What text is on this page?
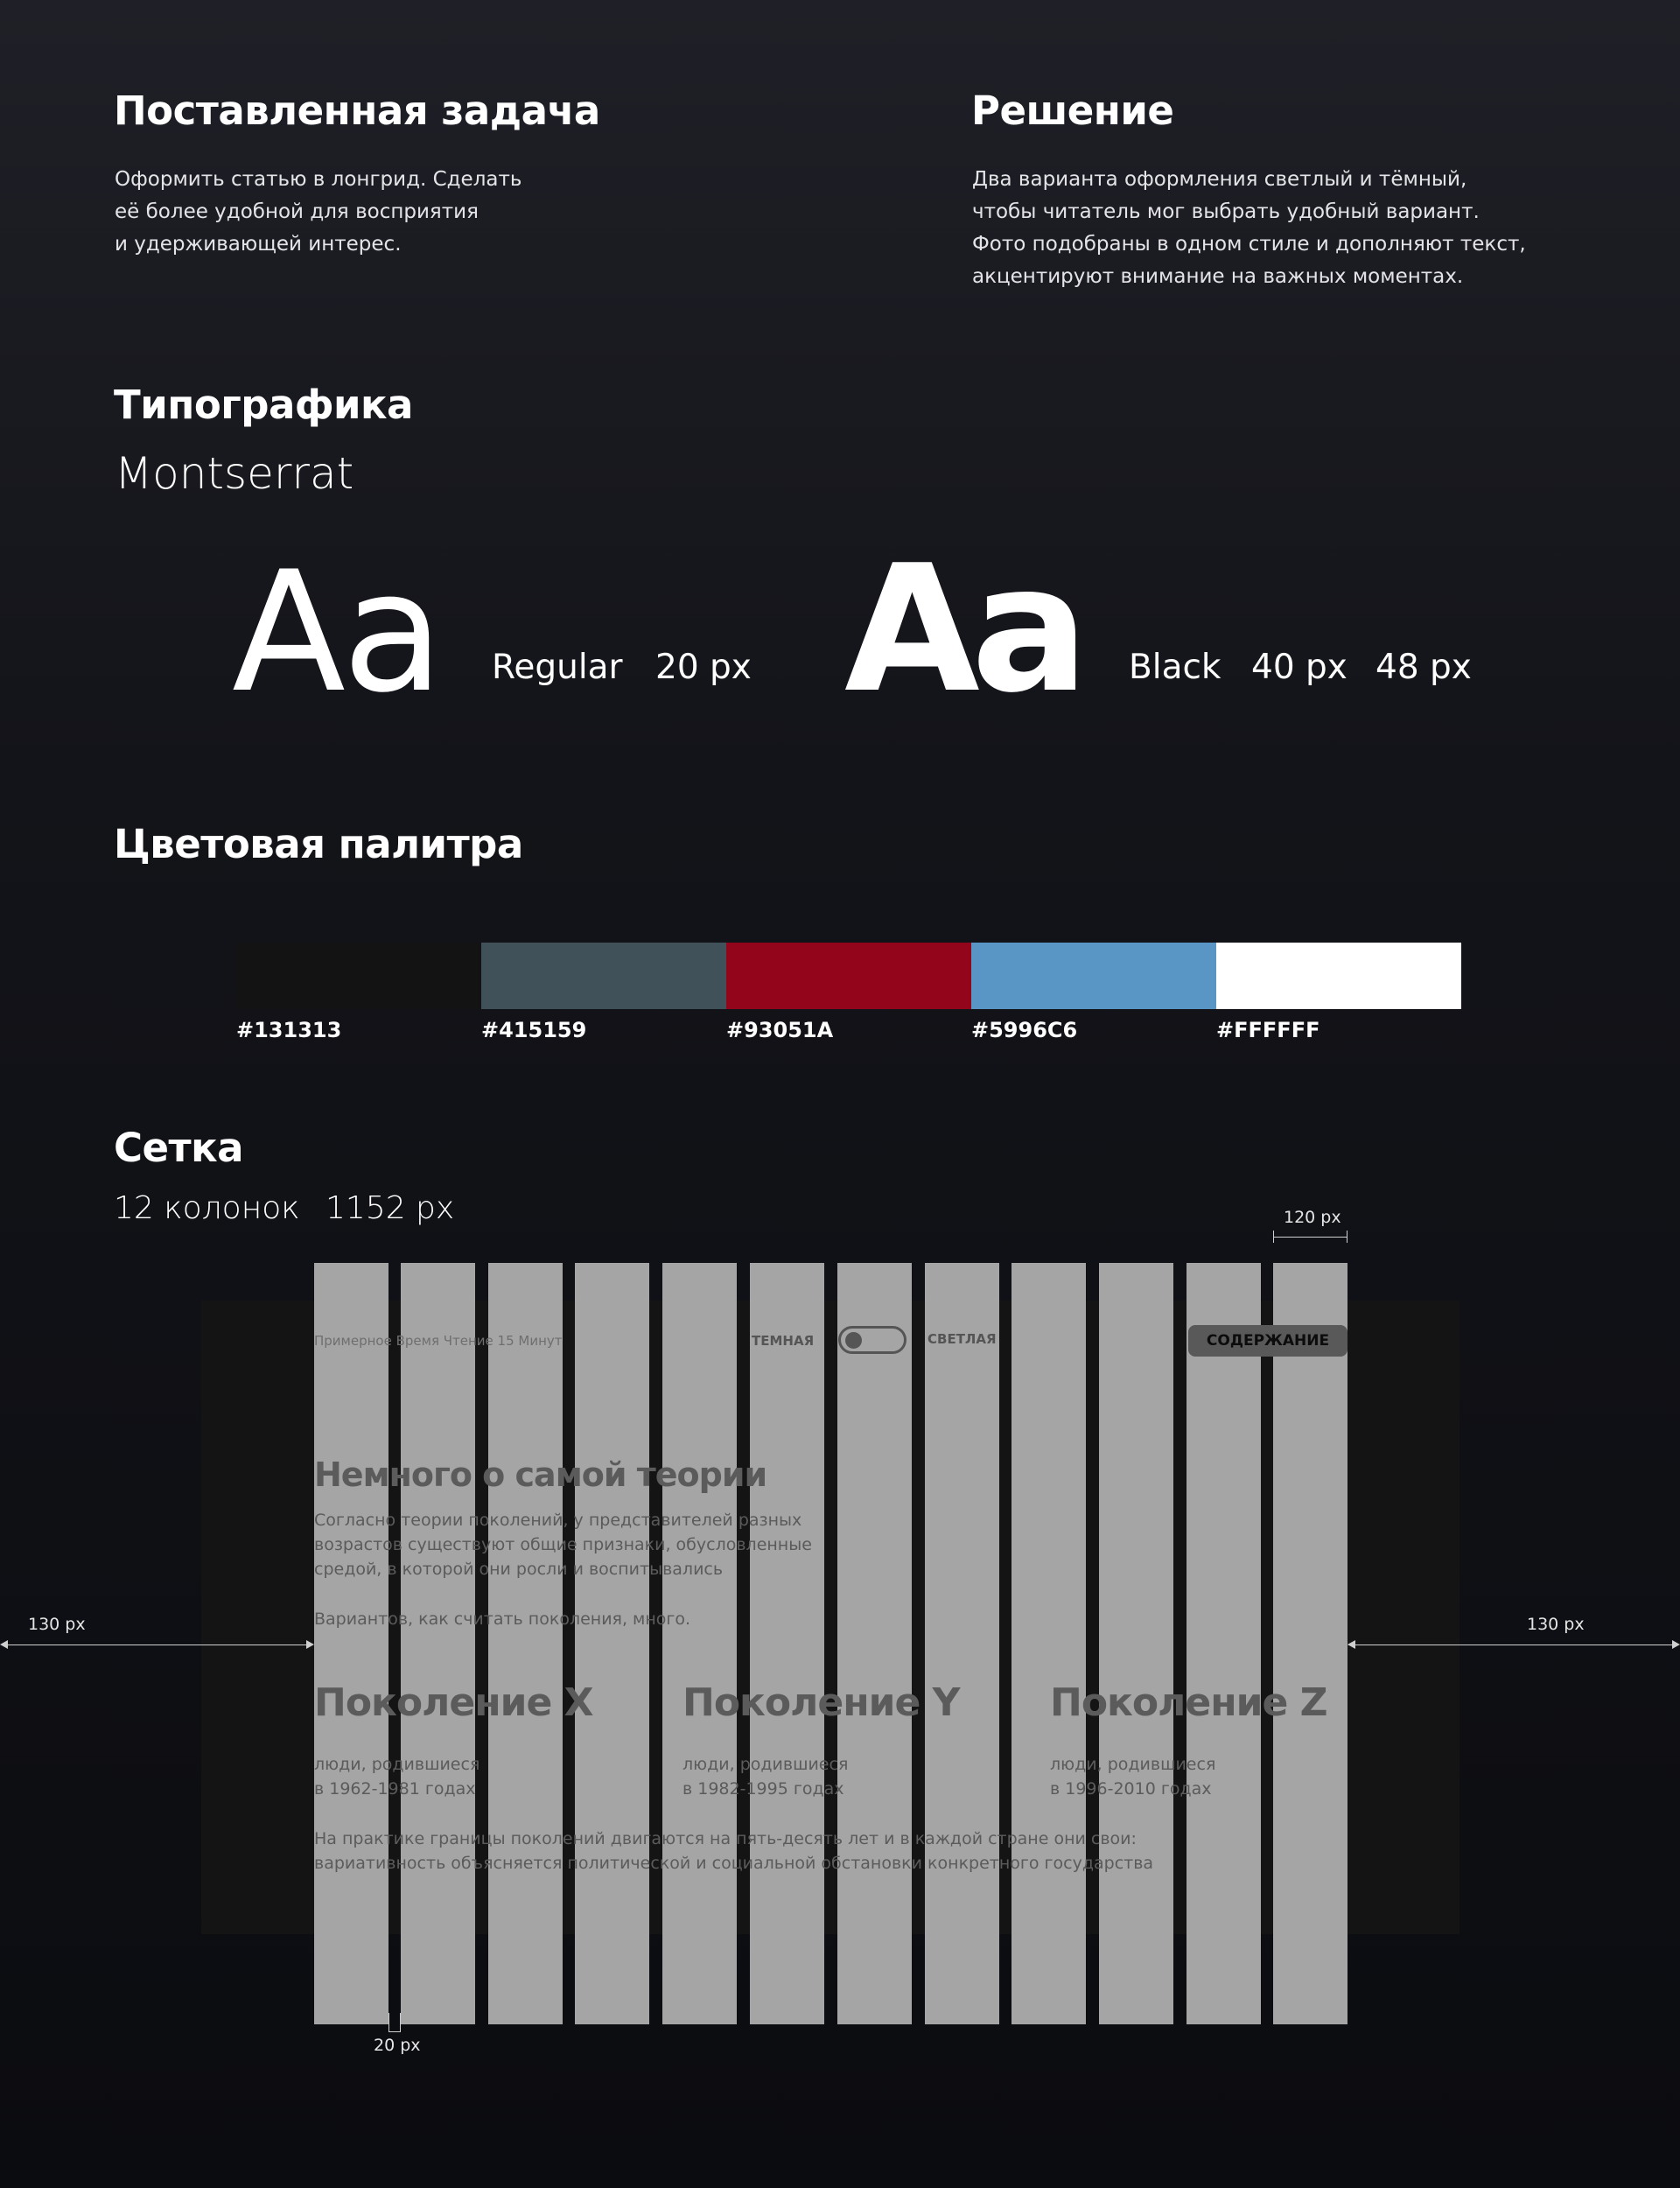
Поставленная задача
Оформить статью в лонгрид. Сделать
её более удобной для восприятия
и удерживающей интерес.
Решение
Два варианта оформления светлый и тёмный,
чтобы читатель мог выбрать удобный вариант.
Фото подобраны в одном стиле и дополняют текст,
акцентируют внимание на важных моментах.
Типографика
Montserrat
Aa Regular 20 px Aa Black 40 px 48 px
Цветовая палитра
#131313	#415159	#93051A	#5996C6	#FFFFFF
Сетка
12 колонок 1152 px
Примерное Время Чтение 15 Минут	ТЕМНАЯ	СВЕТЛАЯ	СОДЕРЖАНИЕ
Немного о самой теории
Согласно теории поколений, у представителей разных
возрастов существуют общие признаки, обусловленные
средой, в которой они росли и воспитывались
Вариантов, как считать поколения, много.
Поколение X Поколение Y Поколение Z
люди, родившиеся
в 1962-1981 годах
люди, родившиеся
в 1982-1995 годах
люди, родившиеся
в 1996-2010 годах
На практике границы поколений двигаются на пять-десять лет и в каждой стране они свои:
вариативность объясняется политической и социальной обстановки конкретного государства
120 px
130 px	130 px
20 px
